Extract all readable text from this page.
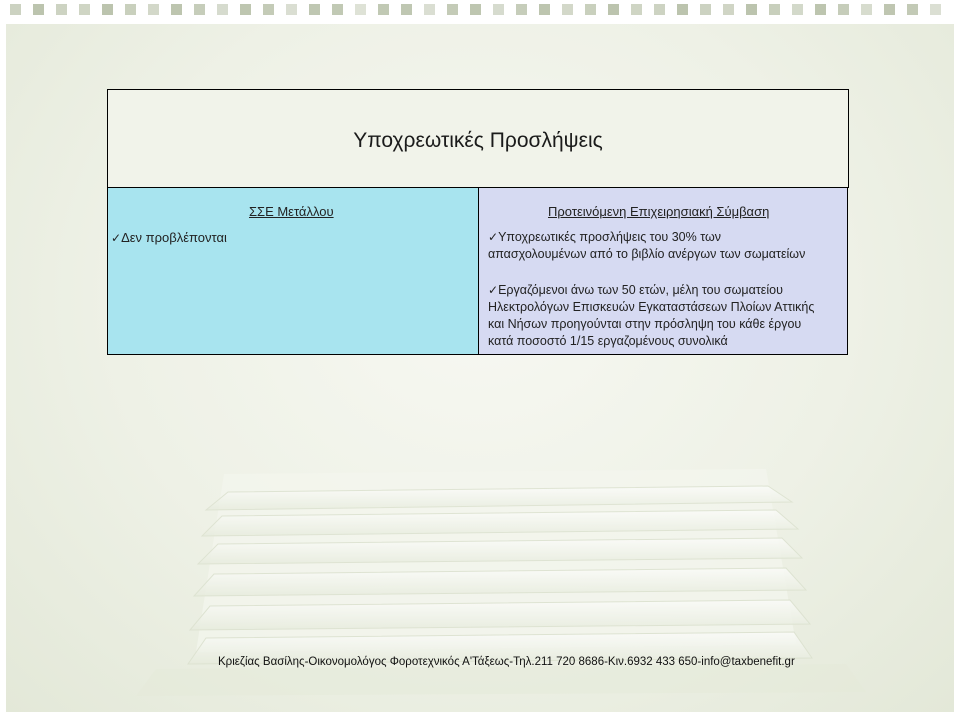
Υποχρεωτικές Προσλήψεις
ΣΣΕ Μετάλλου
✓Δεν προβλέπονται
Προτεινόμενη Επιχειρησιακή Σύμβαση
✓Υποχρεωτικές προσλήψεις του 30% των
απασχολουμένων από το βιβλίο ανέργων των σωματείων
✓Εργαζόμενοι άνω των 50 ετών, μέλη του σωματείου
Ηλεκτρολόγων Επισκευών Εγκαταστάσεων Πλοίων Αττικής
και Νήσων προηγούνται στην πρόσληψη του κάθε έργου
κατά ποσοστό 1/15 εργαζομένους συνολικά
Κριεζίας Βασίλης-Οικονομολόγος Φοροτεχνικός Α'Τάξεως-Τηλ.211 720 8686-Κιν.6932 433 650-info@taxbenefit.gr
